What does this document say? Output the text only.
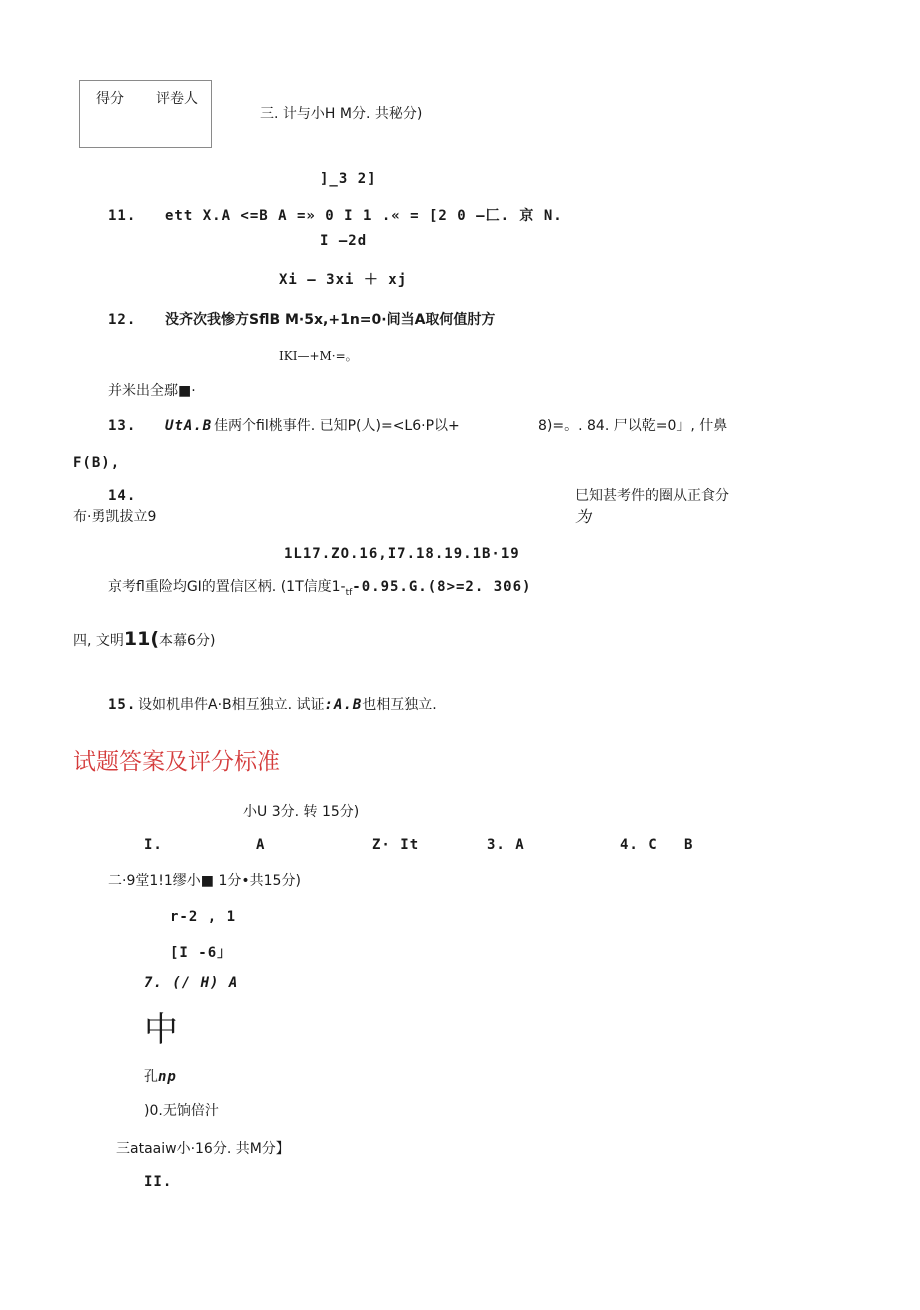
得分 评卷人
三. 计与小H M分. 共秘分)
]_3 2]
11. ett X.A <=B A =» 0 I 1 .« = [2 0 —匚. 京 N.
I —2d
Xi — 3xi ＋ xj
12. 没齐次我惨方SflB M·5x,+1n=0·间当A取何值肘方
IKI—+M·=。
并米出全鄢■·
13. UtA.B 佳两个fil桃事件. 已知P(人)=<L6·P以+	8)=。. 84. 尸以乾=0」, 什鼻
F(B),
14.	巳知甚考件的圈从正食分
布·勇凯拔立9	为
1L17.ZO.16,I7.18.19.1B·19
京考fl重险均GI的置信区柄. (1T信度$1-_{tf}-0.95.G.(8>=2$. 306)
四, 文明11(本幕6分)
15. 设如机串件A·B相互独立. 试证:A.B也相互独立.
试题答案及评分标准
小U 3分. 转 15分)
I.	A	Z· It	3. A	4. C B
二·9堂1!1缪小■ 1分•共15分)
r-2 , 1
[I -6」
7. (/ H) A
中
孔np
)0.无饷倍汁
三ataaiw小·16分. 共M分】
II.
